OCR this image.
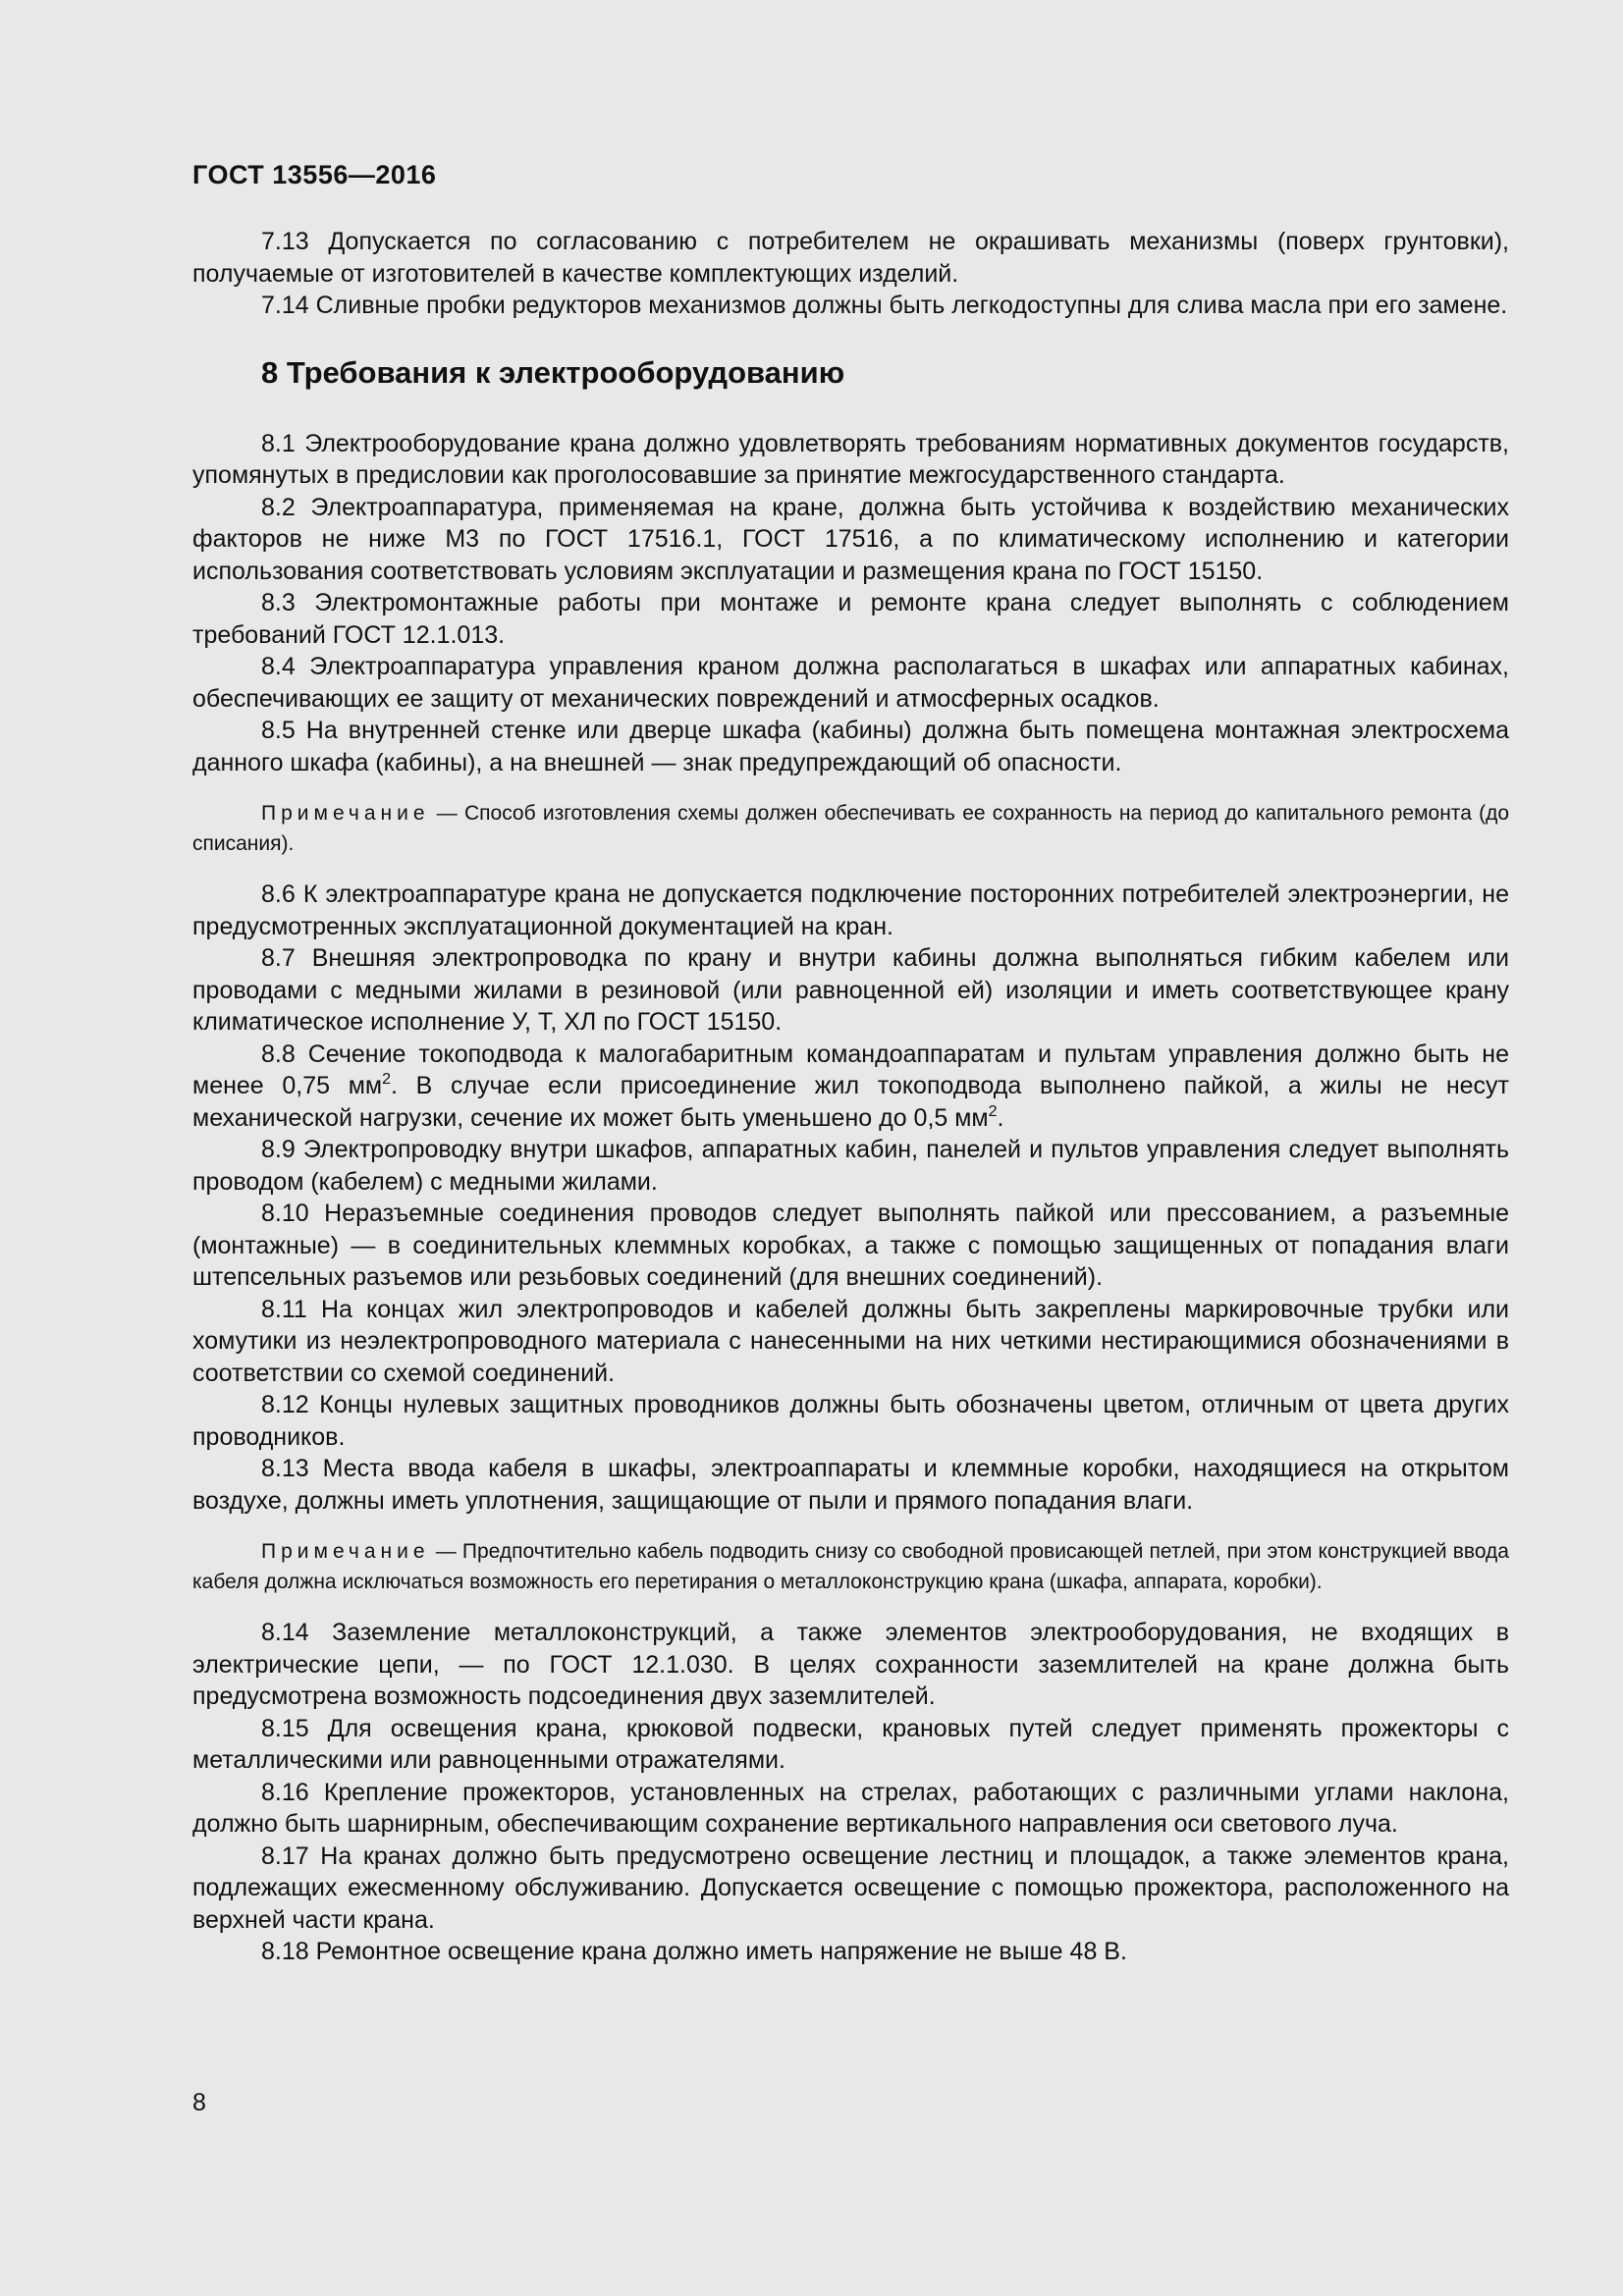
ГОСТ 13556—2016

7.13 Допускается по согласованию с потребителем не окрашивать механизмы (поверх грунтовки), получаемые от изготовителей в качестве комплектующих изделий.

7.14 Сливные пробки редукторов механизмов должны быть легкодоступны для слива масла при его замене.

8 Требования к электрооборудованию

8.1 Электрооборудование крана должно удовлетворять требованиям нормативных документов государств, упомянутых в предисловии как проголосовавшие за принятие межгосударственного стандарта.

8.2 Электроаппаратура, применяемая на кране, должна быть устойчива к воздействию механических факторов не ниже М3 по ГОСТ 17516.1, ГОСТ 17516, а по климатическому исполнению и категории использования соответствовать условиям эксплуатации и размещения крана по ГОСТ 15150.

8.3 Электромонтажные работы при монтаже и ремонте крана следует выполнять с соблюдением требований ГОСТ 12.1.013.

8.4 Электроаппаратура управления краном должна располагаться в шкафах или аппаратных кабинах, обеспечивающих ее защиту от механических повреждений и атмосферных осадков.

8.5 На внутренней стенке или дверце шкафа (кабины) должна быть помещена монтажная электросхема данного шкафа (кабины), а на внешней — знак предупреждающий об опасности.

Примечание — Способ изготовления схемы должен обеспечивать ее сохранность на период до капитального ремонта (до списания).

8.6 К электроаппаратуре крана не допускается подключение посторонних потребителей электроэнергии, не предусмотренных эксплуатационной документацией на кран.

8.7 Внешняя электропроводка по крану и внутри кабины должна выполняться гибким кабелем или проводами с медными жилами в резиновой (или равноценной ей) изоляции и иметь соответствующее крану климатическое исполнение У, Т, ХЛ по ГОСТ 15150.

8.8 Сечение токоподвода к малогабаритным командоаппаратам и пультам управления должно быть не менее 0,75 $мм^2$. В случае если присоединение жил токоподвода выполнено пайкой, а жилы не несут механической нагрузки, сечение их может быть уменьшено до 0,5 $мм^2$.

8.9 Электропроводку внутри шкафов, аппаратных кабин, панелей и пультов управления следует выполнять проводом (кабелем) с медными жилами.

8.10 Неразъемные соединения проводов следует выполнять пайкой или прессованием, а разъемные (монтажные) — в соединительных клеммных коробках, а также с помощью защищенных от попадания влаги штепсельных разъемов или резьбовых соединений (для внешних соединений).

8.11 На концах жил электропроводов и кабелей должны быть закреплены маркировочные трубки или хомутики из неэлектропроводного материала с нанесенными на них четкими нестирающимися обозначениями в соответствии со схемой соединений.

8.12 Концы нулевых защитных проводников должны быть обозначены цветом, отличным от цвета других проводников.

8.13 Места ввода кабеля в шкафы, электроаппараты и клеммные коробки, находящиеся на открытом воздухе, должны иметь уплотнения, защищающие от пыли и прямого попадания влаги.

Примечание — Предпочтительно кабель подводить снизу со свободной провисающей петлей, при этом конструкцией ввода кабеля должна исключаться возможность его перетирания о металлоконструкцию крана (шкафа, аппарата, коробки).

8.14 Заземление металлоконструкций, а также элементов электрооборудования, не входящих в электрические цепи, — по ГОСТ 12.1.030. В целях сохранности заземлителей на кране должна быть предусмотрена возможность подсоединения двух заземлителей.

8.15 Для освещения крана, крюковой подвески, крановых путей следует применять прожекторы с металлическими или равноценными отражателями.

8.16 Крепление прожекторов, установленных на стрелах, работающих с различными углами наклона, должно быть шарнирным, обеспечивающим сохранение вертикального направления оси светового луча.

8.17 На кранах должно быть предусмотрено освещение лестниц и площадок, а также элементов крана, подлежащих ежесменному обслуживанию. Допускается освещение с помощью прожектора, расположенного на верхней части крана.

8.18 Ремонтное освещение крана должно иметь напряжение не выше 48 В.

8
